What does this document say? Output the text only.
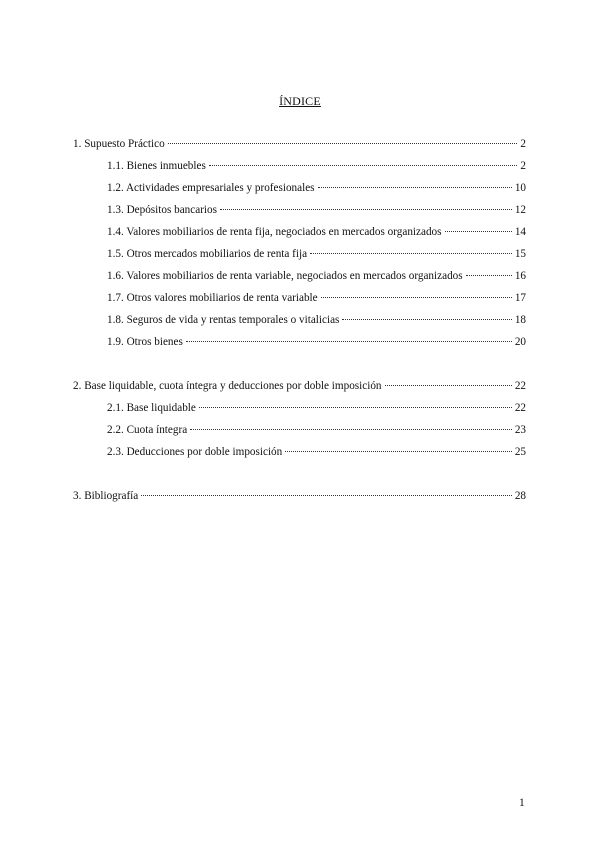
ÍNDICE
1. Supuesto Práctico	2
1.1. Bienes inmuebles	2
1.2. Actividades empresariales y profesionales	10
1.3. Depósitos bancarios	12
1.4. Valores mobiliarios de renta fija, negociados en mercados organizados	14
1.5. Otros mercados mobiliarios de renta fija	15
1.6. Valores mobiliarios de renta variable, negociados en mercados organizados	16
1.7. Otros valores mobiliarios de renta variable	17
1.8. Seguros de vida y rentas temporales o vitalicias	18
1.9. Otros bienes	20
2. Base liquidable, cuota íntegra y deducciones por doble imposición	22
2.1. Base liquidable	22
2.2. Cuota íntegra	23
2.3. Deducciones por doble imposición	25
3. Bibliografía	28
1
